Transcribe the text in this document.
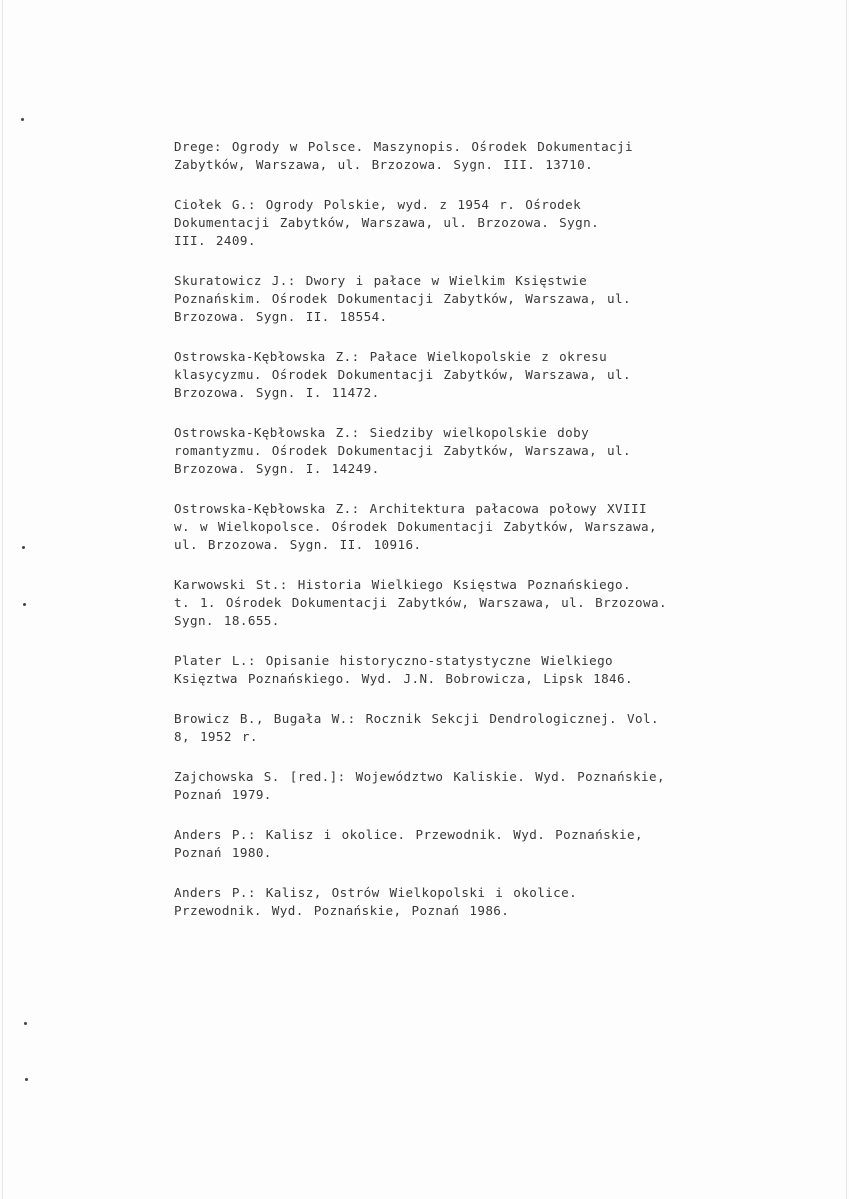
Drege: Ogrody w Polsce. Maszynopis. Ośrodek Dokumentacji
Zabytków, Warszawa, ul. Brzozowa. Sygn. III. 13710.
Ciołek G.: Ogrody Polskie, wyd. z 1954 r. Ośrodek
Dokumentacji Zabytków, Warszawa, ul. Brzozowa. Sygn.
III. 2409.
Skuratowicz J.: Dwory i pałace w Wielkim Księstwie
Poznańskim. Ośrodek Dokumentacji Zabytków, Warszawa, ul.
Brzozowa. Sygn. II. 18554.
Ostrowska-Kębłowska Z.: Pałace Wielkopolskie z okresu
klasycyzmu. Ośrodek Dokumentacji Zabytków, Warszawa, ul.
Brzozowa. Sygn. I. 11472.
Ostrowska-Kębłowska Z.: Siedziby wielkopolskie doby
romantyzmu. Ośrodek Dokumentacji Zabytków, Warszawa, ul.
Brzozowa. Sygn. I. 14249.
Ostrowska-Kębłowska Z.: Architektura pałacowa połowy XVIII
w. w Wielkopolsce. Ośrodek Dokumentacji Zabytków, Warszawa,
ul. Brzozowa. Sygn. II. 10916.
Karwowski St.: Historia Wielkiego Księstwa Poznańskiego.
t. 1. Ośrodek Dokumentacji Zabytków, Warszawa, ul. Brzozowa.
Sygn. 18.655.
Plater L.: Opisanie historyczno-statystyczne Wielkiego
Księztwa Poznańskiego. Wyd. J.N. Bobrowicza, Lipsk 1846.
Browicz B., Bugała W.: Rocznik Sekcji Dendrologicznej. Vol.
8, 1952 r.
Zajchowska S. [red.]: Województwo Kaliskie. Wyd. Poznańskie,
Poznań 1979.
Anders P.: Kalisz i okolice. Przewodnik. Wyd. Poznańskie,
Poznań 1980.
Anders P.: Kalisz, Ostrów Wielkopolski i okolice.
Przewodnik. Wyd. Poznańskie, Poznań 1986.
